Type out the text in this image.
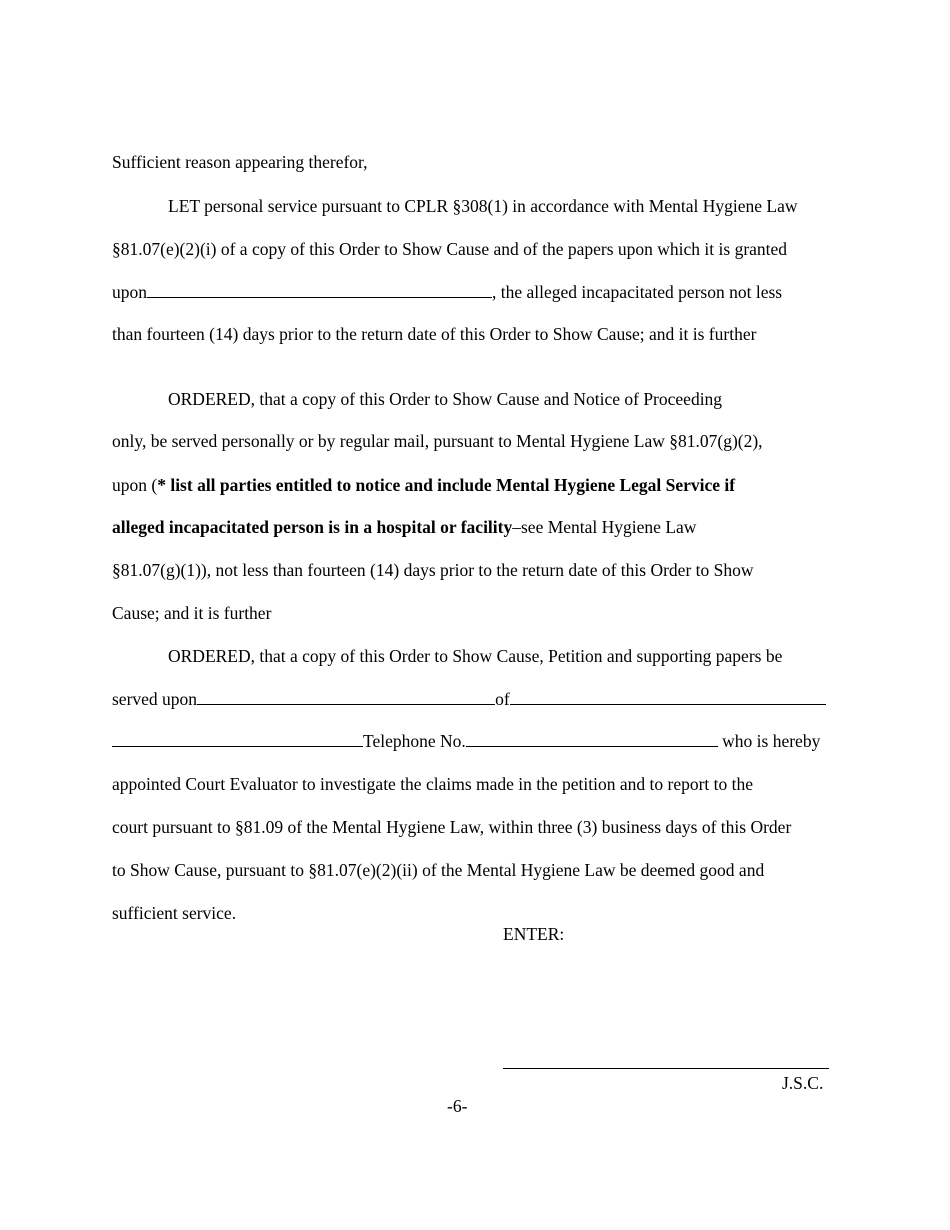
Sufficient reason appearing therefor,
LET personal service pursuant to CPLR §308(1) in accordance with Mental Hygiene Law
§81.07(e)(2)(i) of a copy of this Order to Show Cause and of the papers upon which it is granted
upon	, the alleged incapacitated person not less
than fourteen (14) days prior to the return date of this Order to Show Cause; and it is further
ORDERED, that a copy of this Order to Show Cause and Notice of Proceeding
only, be served personally or by regular mail, pursuant to Mental Hygiene Law §81.07(g)(2),
upon (* list all parties entitled to notice and include Mental Hygiene Legal Service if
alleged incapacitated person is in a hospital or facility–see Mental Hygiene Law
§81.07(g)(1)), not less than fourteen (14) days prior to the return date of this Order to Show
Cause; and it is further
ORDERED, that a copy of this Order to Show Cause, Petition and supporting papers be
served upon	of
Telephone No.	who is hereby
appointed Court Evaluator to investigate the claims made in the petition and to report to the
court pursuant to §81.09 of the Mental Hygiene Law, within three (3) business days of this Order
to Show Cause, pursuant to §81.07(e)(2)(ii) of the Mental Hygiene Law be deemed good and
sufficient service.
ENTER:
J.S.C.
-6-
